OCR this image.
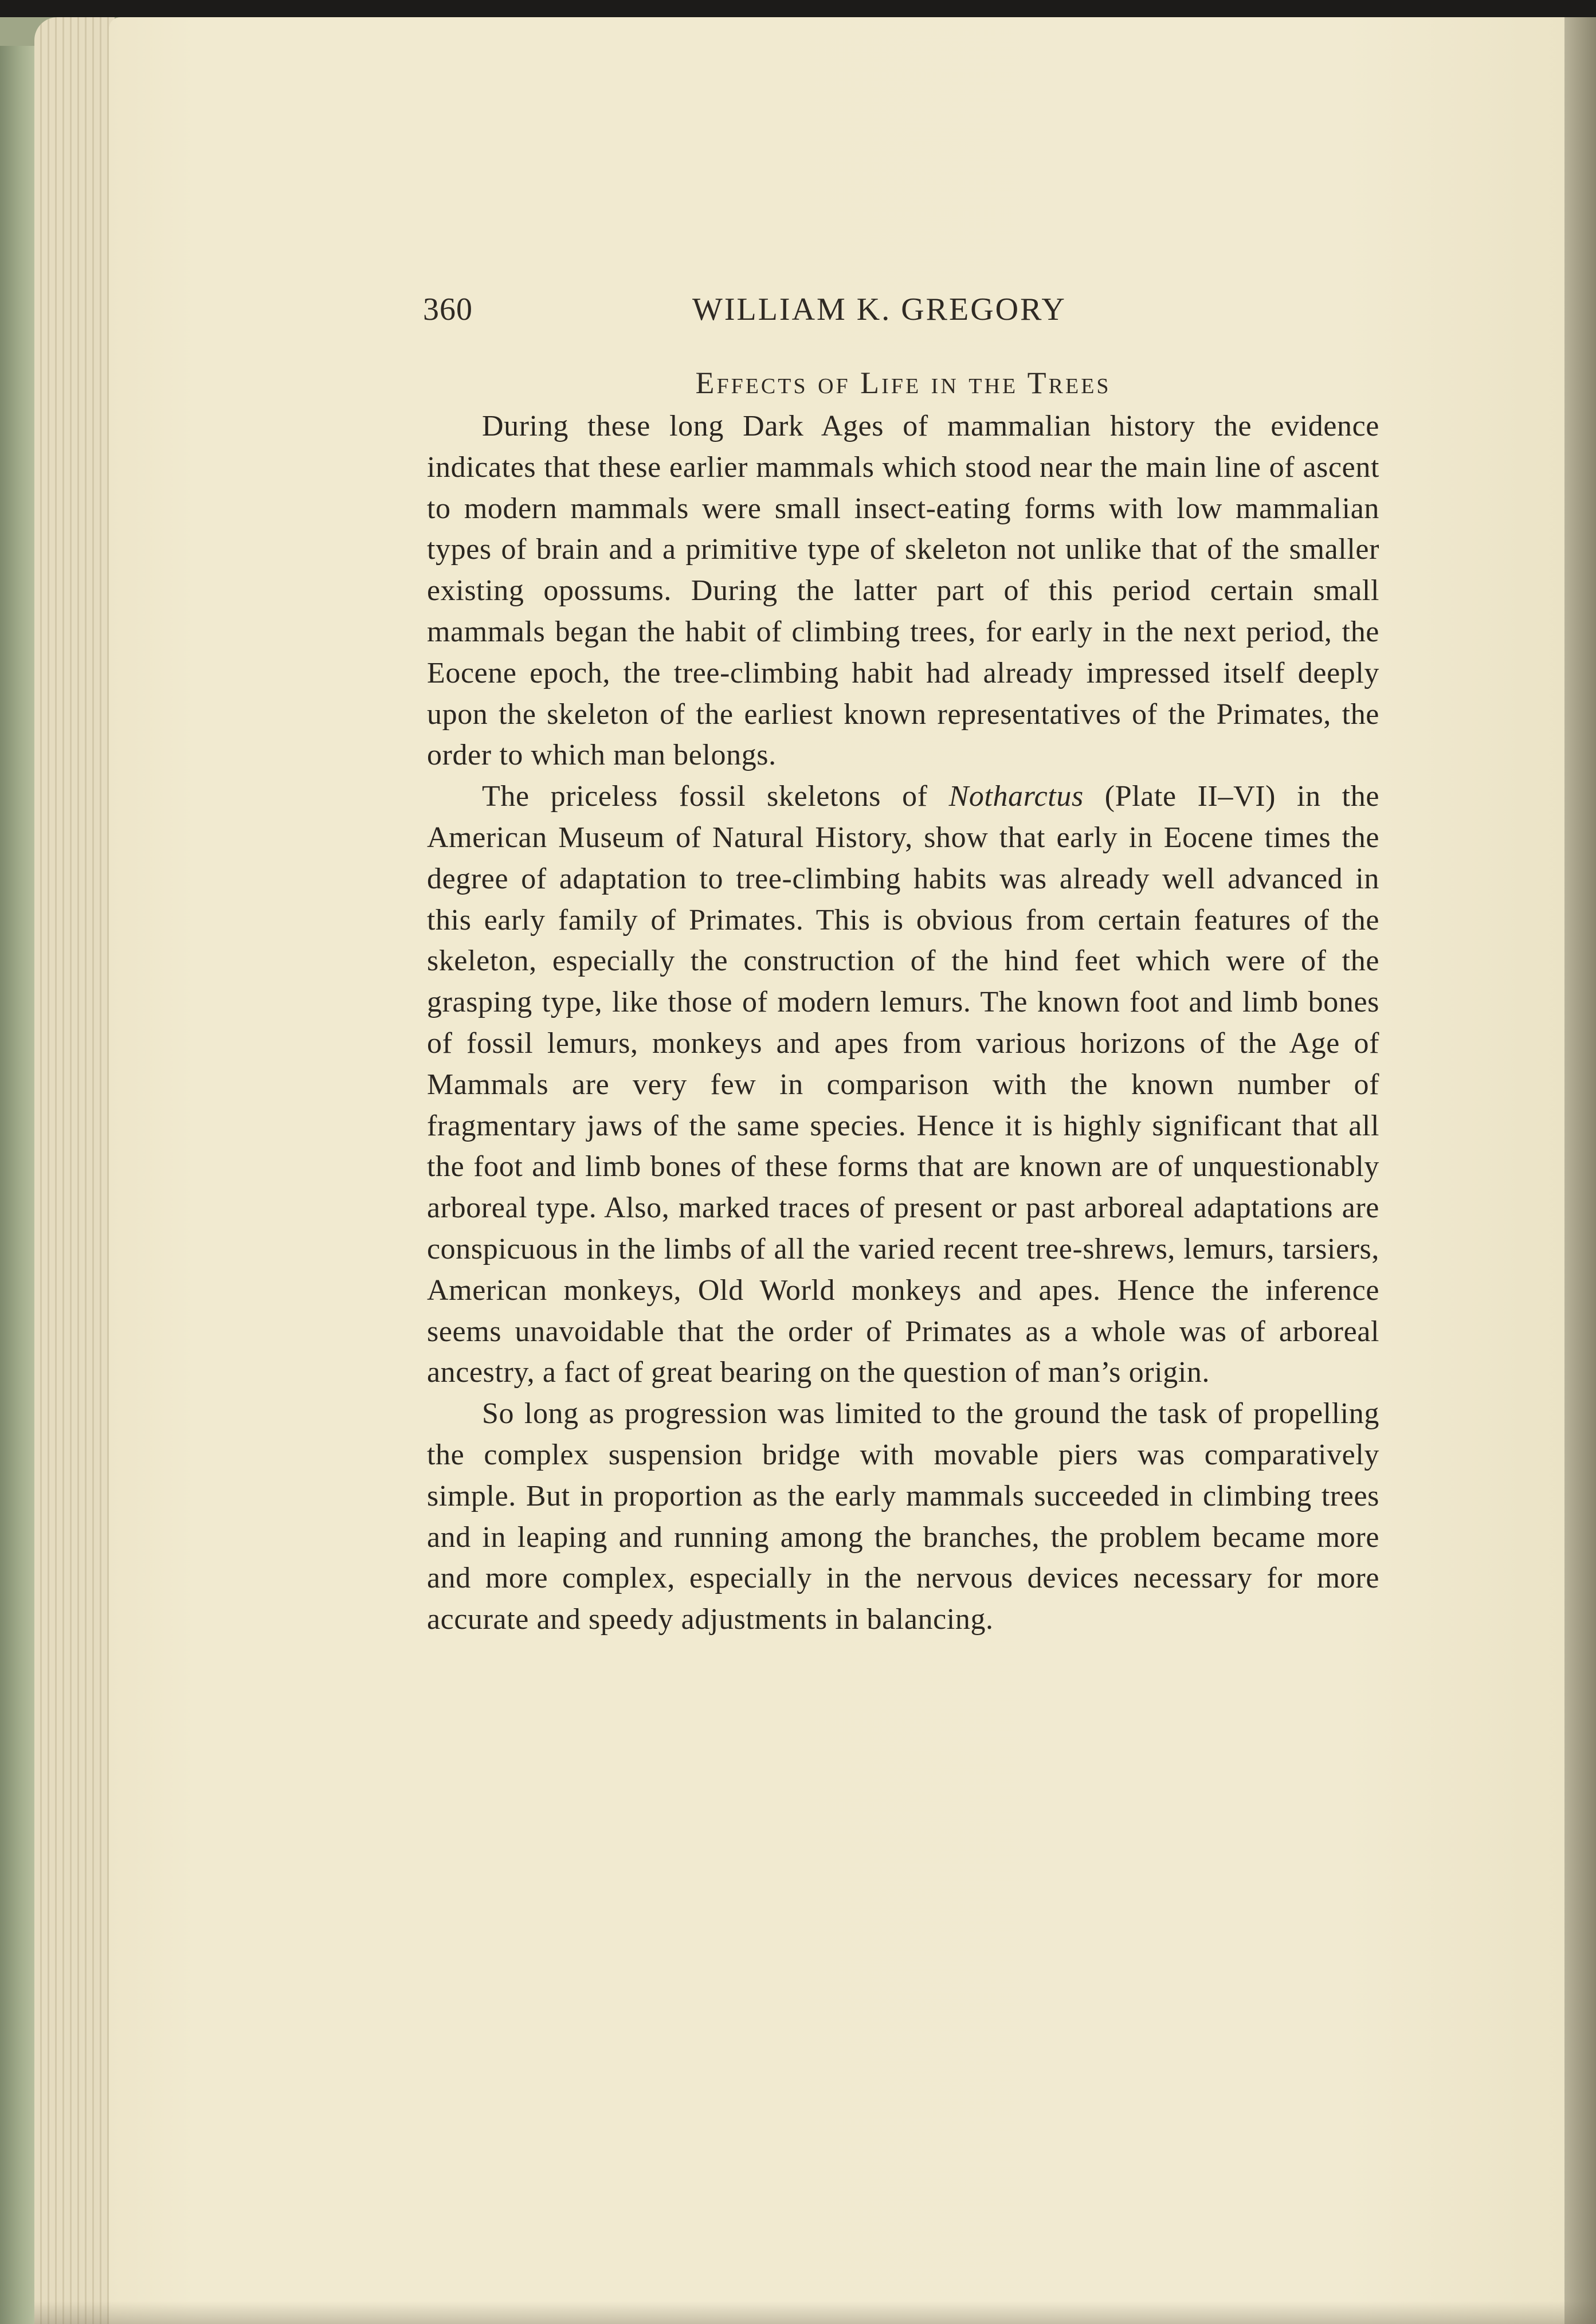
360	WILLIAM K. GREGORY
Effects of Life in the Trees

During these long Dark Ages of mammalian history the evidence indicates that these earlier mammals which stood near the main line of ascent to modern mammals were small insect-eating forms with low mammalian types of brain and a primitive type of skeleton not unlike that of the smaller existing opossums. During the latter part of this period certain small mammals began the habit of climbing trees, for early in the next period, the Eocene epoch, the tree-climbing habit had already impressed itself deeply upon the skeleton of the earliest known representatives of the Primates, the order to which man belongs.

The priceless fossil skeletons of Notharctus (Plate II–VI) in the American Museum of Natural History, show that early in Eocene times the degree of adaptation to tree-climbing habits was already well advanced in this early family of Primates. This is obvious from certain features of the skeleton, especially the construction of the hind feet which were of the grasping type, like those of modern lemurs. The known foot and limb bones of fossil lemurs, monkeys and apes from various horizons of the Age of Mammals are very few in comparison with the known number of fragmentary jaws of the same species. Hence it is highly significant that all the foot and limb bones of these forms that are known are of unquestionably arboreal type. Also, marked traces of present or past arboreal adaptations are conspicuous in the limbs of all the varied recent tree-shrews, lemurs, tarsiers, American monkeys, Old World monkeys and apes. Hence the inference seems unavoidable that the order of Primates as a whole was of arboreal ancestry, a fact of great bearing on the question of man’s origin.

So long as progression was limited to the ground the task of propelling the complex suspension bridge with movable piers was comparatively simple. But in proportion as the early mammals succeeded in climbing trees and in leaping and running among the branches, the problem became more and more complex, especially in the nervous devices necessary for more accurate and speedy adjustments in balancing.
